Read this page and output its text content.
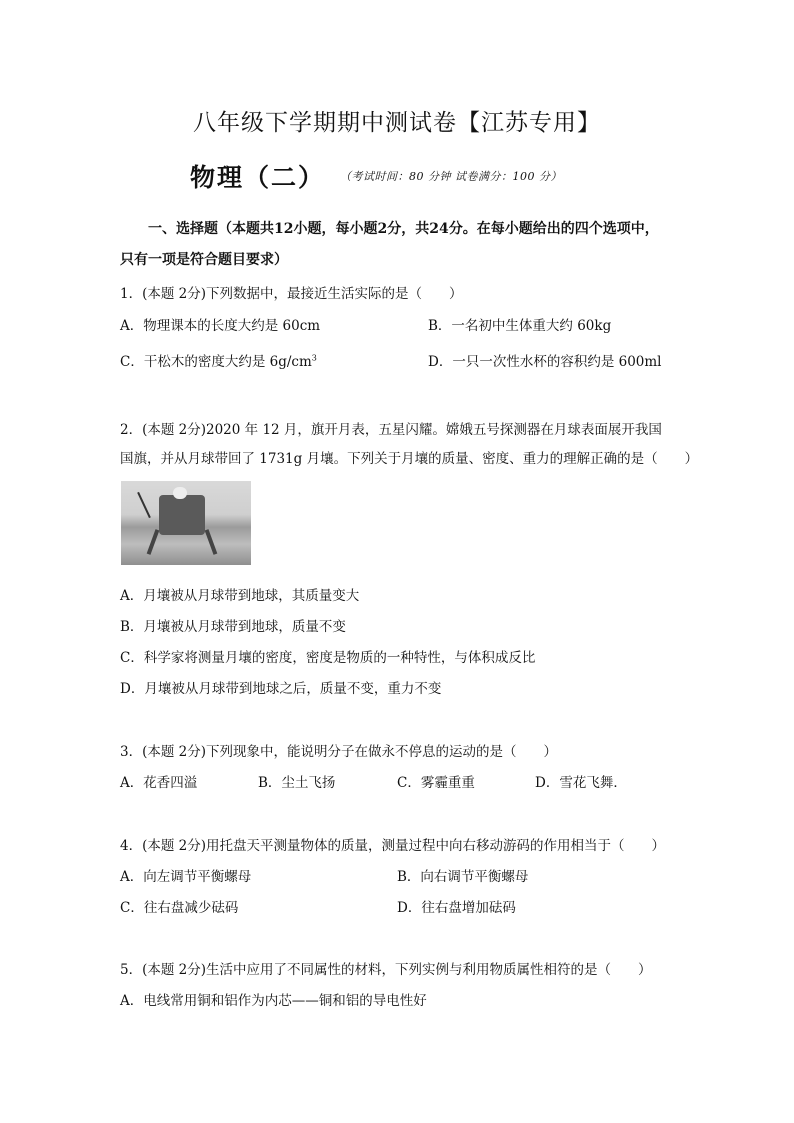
八年级下学期期中测试卷【江苏专用】
物理（二） （考试时间：80 分钟 试卷满分：100 分）
一、选择题（本题共12小题，每小题2分，共24分。在每小题给出的四个选项中，
只有一项是符合题目要求）
1．(本题 2分)下列数据中，最接近生活实际的是（　　）
A．物理课本的长度大约是 60cm	B．一名初中生体重大约 60kg
C．干松木的密度大约是 $6g/cm^3$	D．一只一次性水杯的容积约是 600ml
2．(本题 2分)2020 年 12 月，旗开月表，五星闪耀。嫦娥五号探测器在月球表面展开我国
国旗，并从月球带回了 1731g 月壤。下列关于月壤的质量、密度、重力的理解正确的是（　　）
A．月壤被从月球带到地球，其质量变大
B．月壤被从月球带到地球，质量不变
C．科学家将测量月壤的密度，密度是物质的一种特性，与体积成反比
D．月壤被从月球带到地球之后，质量不变，重力不变
3．(本题 2分)下列现象中，能说明分子在做永不停息的运动的是（　　）
A．花香四溢	B．尘土飞扬	C．雾霾重重	D．雪花飞舞．
4．(本题 2分)用托盘天平测量物体的质量，测量过程中向右移动游码的作用相当于（　　）
A．向左调节平衡螺母	B．向右调节平衡螺母
C．往右盘减少砝码	D．往右盘增加砝码
5．(本题 2分)生活中应用了不同属性的材料，下列实例与利用物质属性相符的是（　　）
A．电线常用铜和铝作为内芯——铜和铝的导电性好
